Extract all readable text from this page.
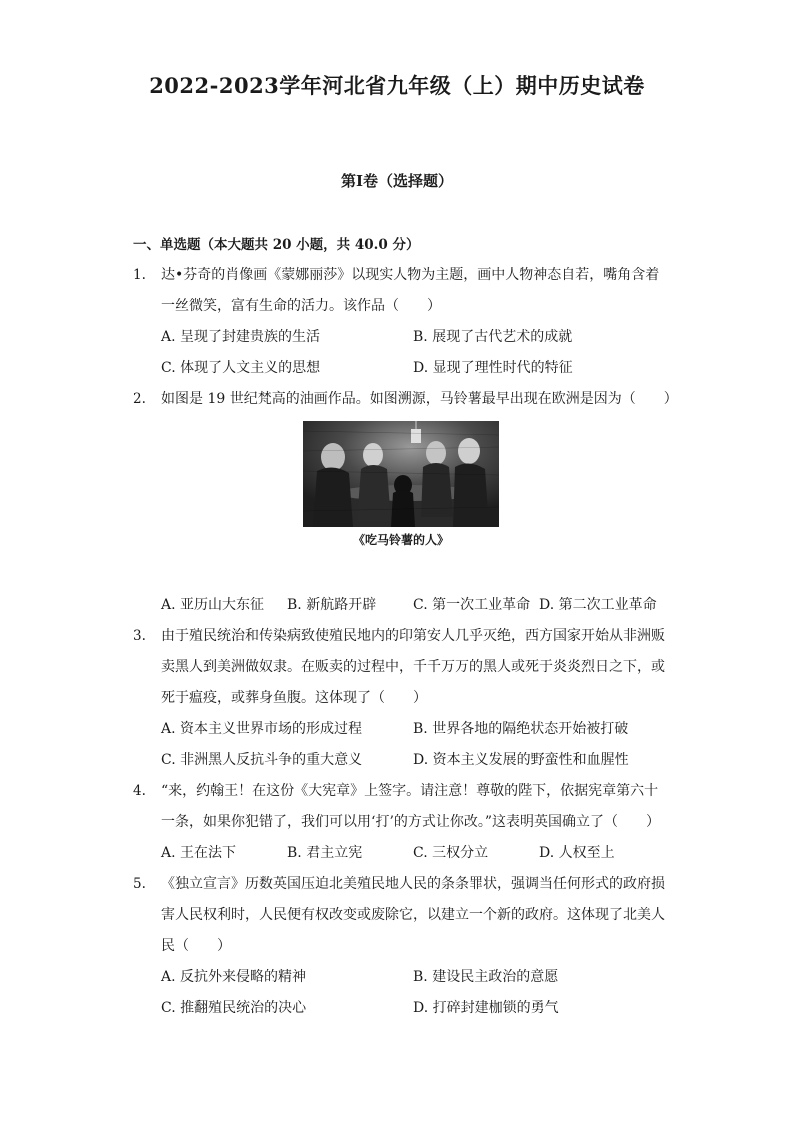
2022-2023学年河北省九年级（上）期中历史试卷
第Ⅰ卷（选择题）
一、单选题（本大题共 20 小题，共 40.0 分）
1.	达•芬奇的肖像画《蒙娜丽莎》以现实人物为主题，画中人物神态自若，嘴角含着
一丝微笑，富有生命的活力。该作品（　　）
A. 呈现了封建贵族的生活	B. 展现了古代艺术的成就
C. 体现了人文主义的思想	D. 显现了理性时代的特征
2.	如图是 19 世纪梵高的油画作品。如图溯源，马铃薯最早出现在欧洲是因为（　　）
《吃马铃薯的人》
A. 亚历山大东征	B. 新航路开辟	C. 第一次工业革命 D. 第二次工业革命
3.	由于殖民统治和传染病致使殖民地内的印第安人几乎灭绝，西方国家开始从非洲贩
卖黑人到美洲做奴隶。在贩卖的过程中，千千万万的黑人或死于炎炎烈日之下，或
死于瘟疫，或葬身鱼腹。这体现了（　　）
A. 资本主义世界市场的形成过程	B. 世界各地的隔绝状态开始被打破
C. 非洲黑人反抗斗争的重大意义	D. 资本主义发展的野蛮性和血腥性
4.	“来，约翰王！在这份《大宪章》上签字。请注意！尊敬的陛下，依据宪章第六十
一条，如果你犯错了，我们可以用‘打’的方式让你改。”这表明英国确立了（　　）
A. 王在法下	B. 君主立宪	C. 三权分立	D. 人权至上
5.	《独立宣言》历数英国压迫北美殖民地人民的条条罪状，强调当任何形式的政府损
害人民权利时，人民便有权改变或废除它，以建立一个新的政府。这体现了北美人
民（　　）
A. 反抗外来侵略的精神	B. 建设民主政治的意愿
C. 推翻殖民统治的决心	D. 打碎封建枷锁的勇气
